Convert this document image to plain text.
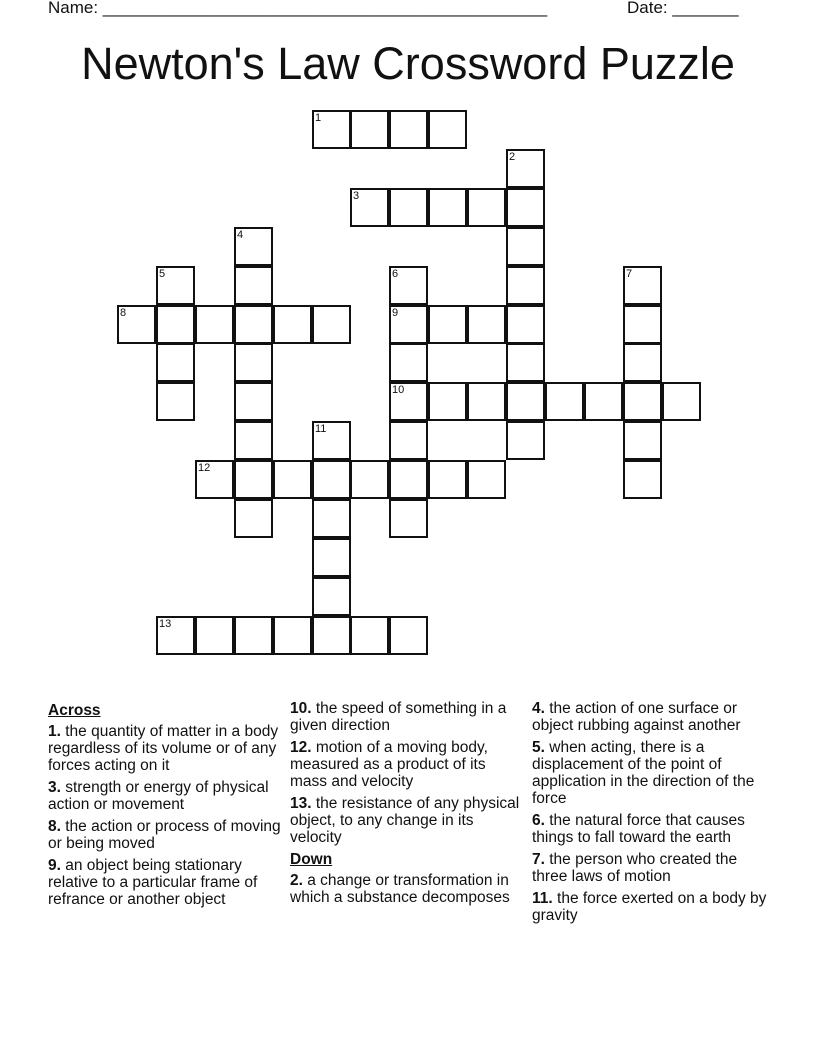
Name: _______________________________________________	Date: _______
Newton's Law Crossword Puzzle
1
2
3
4
5	6	7
8	9
10
11
12
13
Across
1. the quantity of matter in a body regardless of its volume or of any forces acting on it
3. strength or energy of physical action or movement
8. the action or process of moving or being moved
9. an object being stationary relative to a particular frame of refrance or another object
10. the speed of something in a given direction
12. motion of a moving body, measured as a product of its mass and velocity
13. the resistance of any physical object, to any change in its velocity
Down
2. a change or transformation in which a substance decomposes
4. the action of one surface or object rubbing against another
5. when acting, there is a displacement of the point of application in the direction of the force
6. the natural force that causes things to fall toward the earth
7. the person who created the three laws of motion
11. the force exerted on a body by gravity
